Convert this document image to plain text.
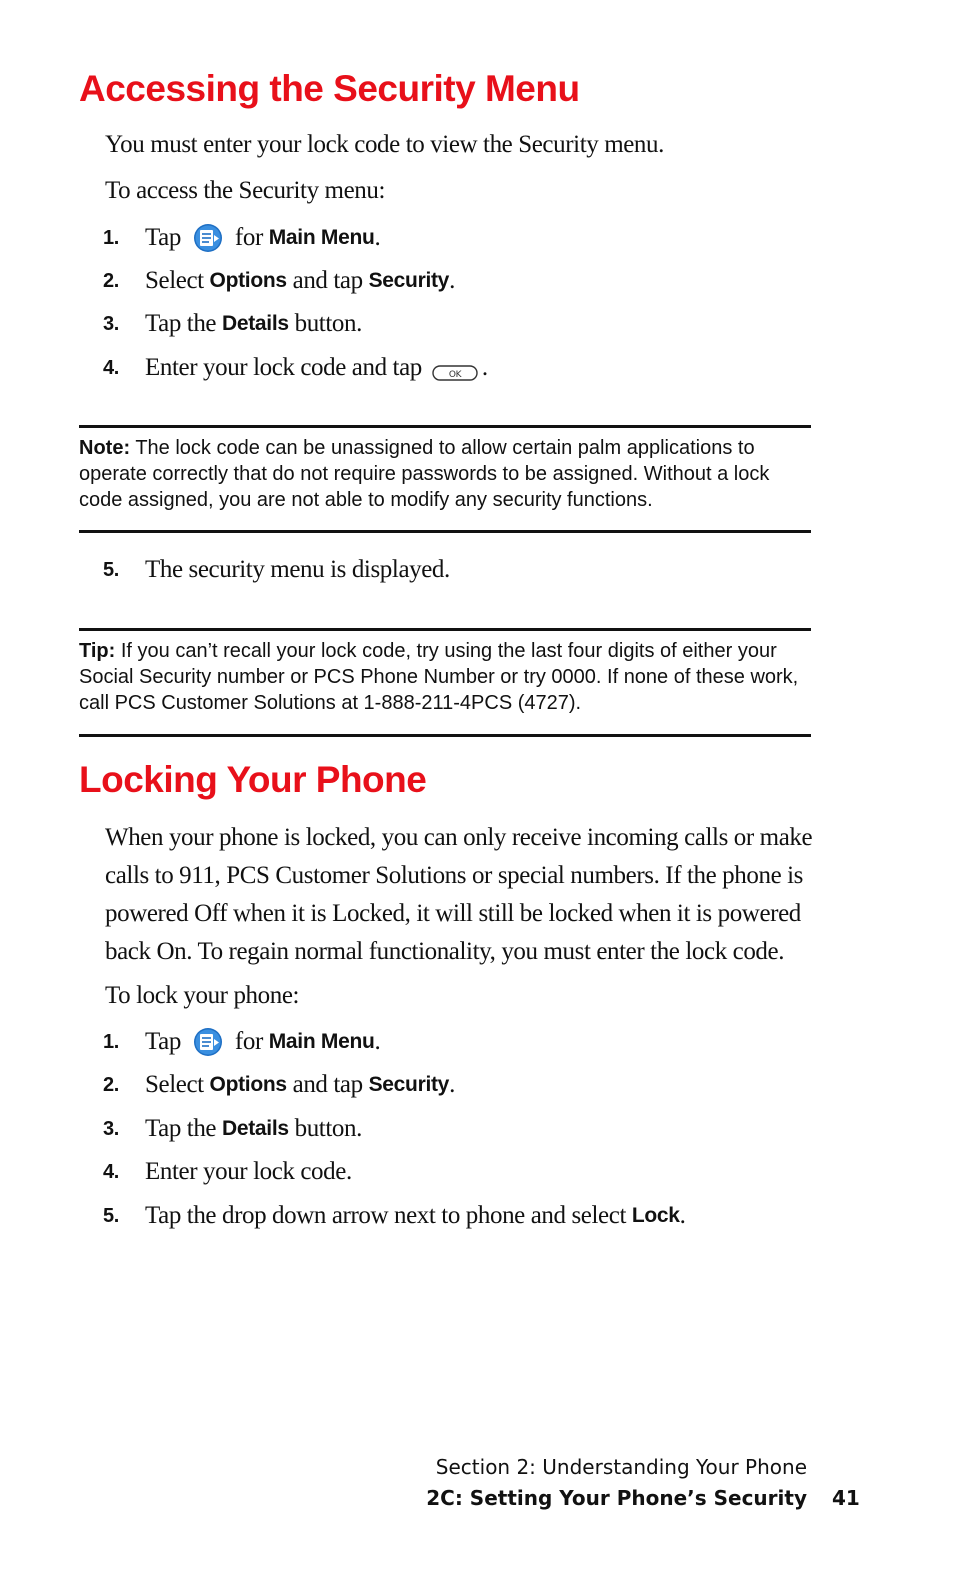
Accessing the Security Menu

You must enter your lock code to view the Security menu.

To access the Security menu:

1.	Tap for
Main Menu .
2.	Select
Options
and tap
Security .
3.	Tap the
Details
button.
4.	Enter your lock code and tap	OK .

Note: The lock code can be unassigned to allow certain palm applications to operate correctly that do not require passwords to be assigned. Without a lock code assigned, you are not able to modify any security functions.

5.	The security menu is displayed.

Tip: If you can’t recall your lock code, try using the last four digits of either your Social Security number or PCS Phone Number or try 0000. If none of these work, call PCS Customer Solutions at 1-888-211-4PCS (4727).

Locking Your Phone

When your phone is locked, you can only receive incoming calls or make calls to 911, PCS Customer Solutions or special numbers. If the phone is powered Off when it is Locked, it will still be locked when it is powered back On. To regain normal functionality, you must enter the lock code.

To lock your phone:

1.	Tap for
Main Menu .
2.	Select
Options
and tap
Security .
3.	Tap the
Details
button.
4.	Enter your lock code.
5.	Tap the drop down arrow next to phone and select
Lock .
Section 2: Understanding Your Phone
2C: Setting Your Phone’s Security 41
